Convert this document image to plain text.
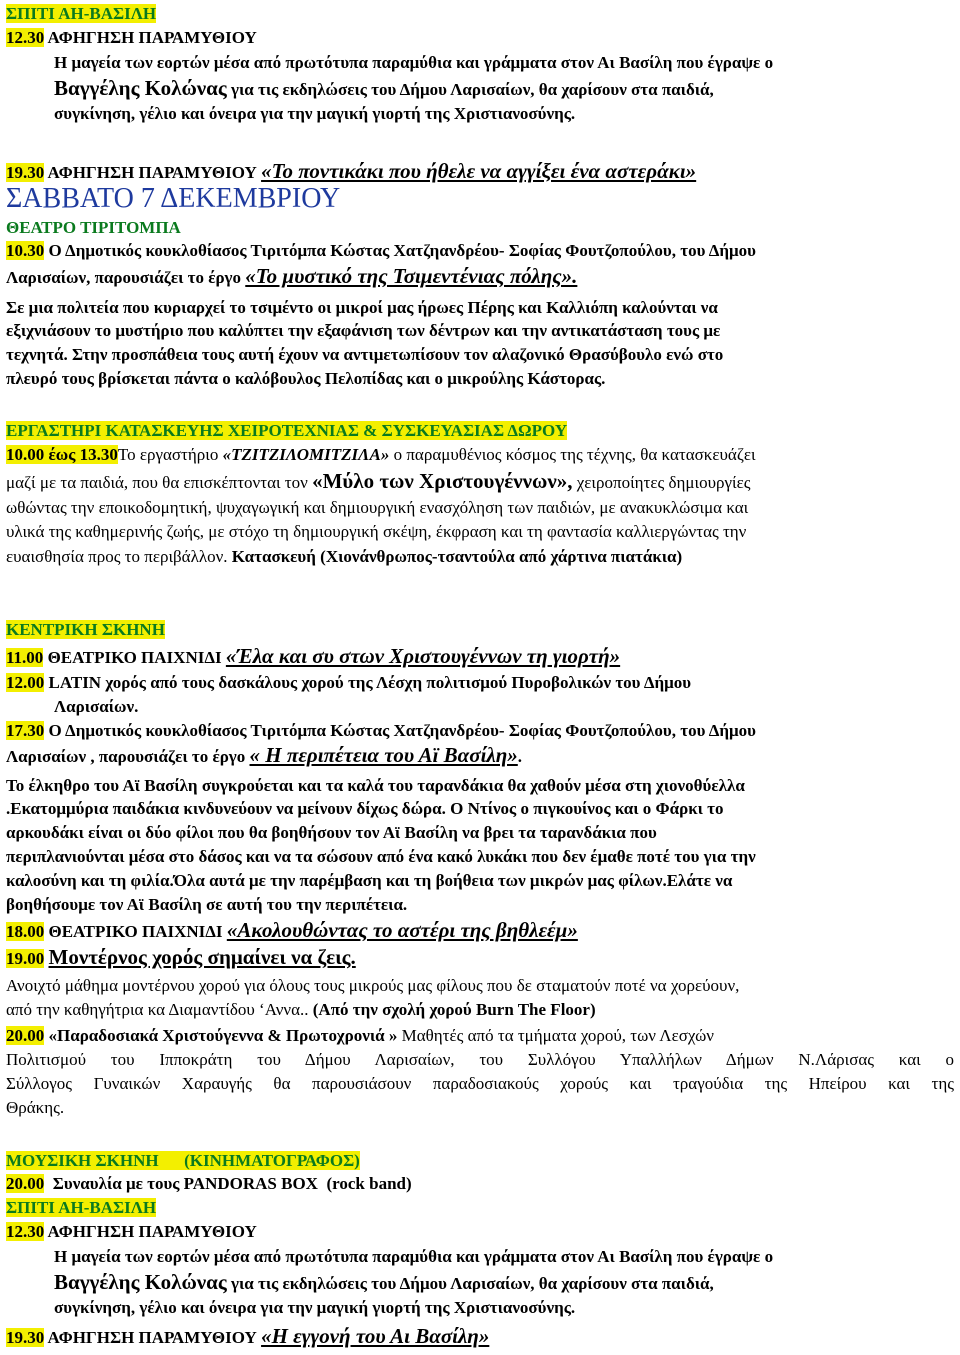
ΣΠΙΤΙ ΑΗ-ΒΑΣΙΛΗ
12.30 ΑΦΗΓΗΣΗ ΠΑΡΑΜΥΘΙΟΥ
Η μαγεία των εορτών μέσα από πρωτότυπα παραμύθια και γράμματα στον Αι Βασίλη που έγραψε ο
Βαγγέλης Κολώνας για τις εκδηλώσεις του Δήμου Λαρισαίων, θα χαρίσουν στα παιδιά,
συγκίνηση, γέλιο και όνειρα για την μαγική γιορτή της Χριστιανοσύνης.
19.30 ΑΦΗΓΗΣΗ ΠΑΡΑΜΥΘΙΟΥ «Το ποντικάκι που ήθελε να αγγίξει ένα αστεράκι»
ΣΑΒΒΑΤΟ 7 ΔΕΚΕΜΒΡΙΟΥ
ΘΕΑΤΡΟ ΤΙΡΙΤΟΜΠΑ
10.30 Ο Δημοτικός κουκλοθίασος Τιριτόμπα Κώστας Χατζηανδρέου- Σοφίας Φουτζοπούλου, του Δήμου
Λαρισαίων, παρουσιάζει το έργο «Το μυστικό της Τσιμεντένιας πόλης».
Σε μια πολιτεία που κυριαρχεί το τσιμέντο οι μικροί μας ήρωες Πέρης και Καλλιόπη καλούνται να
εξιχνιάσουν το μυστήριο που καλύπτει την εξαφάνιση των δέντρων και την αντικατάσταση τους με
τεχνητά. Στην προσπάθεια τους αυτή έχουν να αντιμετωπίσουν τον αλαζονικό Θρασύβουλο ενώ στο
πλευρό τους βρίσκεται πάντα ο καλόβουλος Πελοπίδας και ο μικρούλης Κάστορας.
ΕΡΓΑΣΤΗΡΙ ΚΑΤΑΣΚΕΥΗΣ ΧΕΙΡΟΤΕΧΝΙΑΣ & ΣΥΣΚΕΥΑΣΙΑΣ ΔΩΡΟΥ
10.00 έως 13.30Το εργαστήριο «ΤΖΙΤΖΙΛΟΜΙΤΖΙΛΑ» ο παραμυθένιος κόσμος της τέχνης, θα κατασκευάζει
μαζί με τα παιδιά, που θα επισκέπτονται τον «Μύλο των Χριστουγέννων», χειροποίητες δημιουργίες
ωθώντας την εποικοδομητική, ψυχαγωγική και δημιουργική ενασχόληση των παιδιών, με ανακυκλώσιμα και
υλικά της καθημερινής ζωής, με στόχο τη δημιουργική σκέψη, έκφραση και τη φαντασία καλλιεργώντας την
ευαισθησία προς το περιβάλλον. Κατασκευή (Χιονάνθρωπος-τσαντούλα από χάρτινα πιατάκια)
ΚΕΝΤΡΙΚΗ ΣΚΗΝΗ
11.00 ΘΕΑΤΡΙΚΟ ΠΑΙΧΝΙΔΙ «Έλα και συ στων Χριστουγέννων τη γιορτή»
12.00 LATIN χορός από τους δασκάλους χορού της Λέσχη πολιτισμού Πυροβολικών του Δήμου
Λαρισαίων.
17.30 Ο Δημοτικός κουκλοθίασος Τιριτόμπα Κώστας Χατζηανδρέου- Σοφίας Φουτζοπούλου, του Δήμου
Λαρισαίων , παρουσιάζει το έργο « Η περιπέτεια του Αϊ Βασίλη».
Το έλκηθρο του Αϊ Βασίλη συγκρούεται και τα καλά του ταρανδάκια θα χαθούν μέσα στη χιονοθύελλα
.Εκατομμύρια παιδάκια κινδυνεύουν να μείνουν δίχως δώρα. Ο Ντίνος ο πιγκουίνος και ο Φάρκι το
αρκουδάκι είναι οι δύο φίλοι που θα βοηθήσουν τον Αϊ Βασίλη να βρει τα ταρανδάκια που
περιπλανιούνται μέσα στο δάσος και να τα σώσουν από ένα κακό λυκάκι που δεν έμαθε ποτέ του για την
καλοσύνη και τη φιλία.Όλα αυτά με την παρέμβαση και τη βοήθεια των μικρών μας φίλων.Ελάτε να
βοηθήσουμε τον Αϊ Βασίλη σε αυτή του την περιπέτεια.
18.00 ΘΕΑΤΡΙΚΟ ΠΑΙΧΝΙΔΙ «Ακολουθώντας το αστέρι της βηθλεέμ»
19.00 Μοντέρνος χορός σημαίνει να ζεις.
Ανοιχτό μάθημα μοντέρνου χορού για όλους τους μικρούς μας φίλους που δε σταματούν ποτέ να χορεύουν,
από την καθηγήτρια κα Διαμαντίδου ‘Αννα.. (Από την σχολή χορού Burn The Floor)
20.00 «Παραδοσιακά Χριστούγεννα & Πρωτοχρονιά » Μαθητές από τα τμήματα χορού, των Λεσχών
Πολιτισμού του Ιπποκράτη του Δήμου Λαρισαίων, του Συλλόγου Υπαλλήλων Δήμων Ν.Λάρισας και ο
Σύλλογος Γυναικών Χαραυγής θα παρουσιάσουν παραδοσιακούς χορούς και τραγούδια της Ηπείρου και της
Θράκης.
ΜΟΥΣΙΚΗ ΣΚΗΝΗ      (ΚΙΝΗΜΑΤΟΓΡΑΦΟΣ)
20.00  Συναυλία με τους PANDORAS BOX  (rock band)
ΣΠΙΤΙ ΑΗ-ΒΑΣΙΛΗ
12.30 ΑΦΗΓΗΣΗ ΠΑΡΑΜΥΘΙΟΥ
Η μαγεία των εορτών μέσα από πρωτότυπα παραμύθια και γράμματα στον Αι Βασίλη που έγραψε ο
Βαγγέλης Κολώνας για τις εκδηλώσεις του Δήμου Λαρισαίων, θα χαρίσουν στα παιδιά,
συγκίνηση, γέλιο και όνειρα για την μαγική γιορτή της Χριστιανοσύνης.
19.30 ΑΦΗΓΗΣΗ ΠΑΡΑΜΥΘΙΟΥ «Η εγγονή του Αι Βασίλη»
